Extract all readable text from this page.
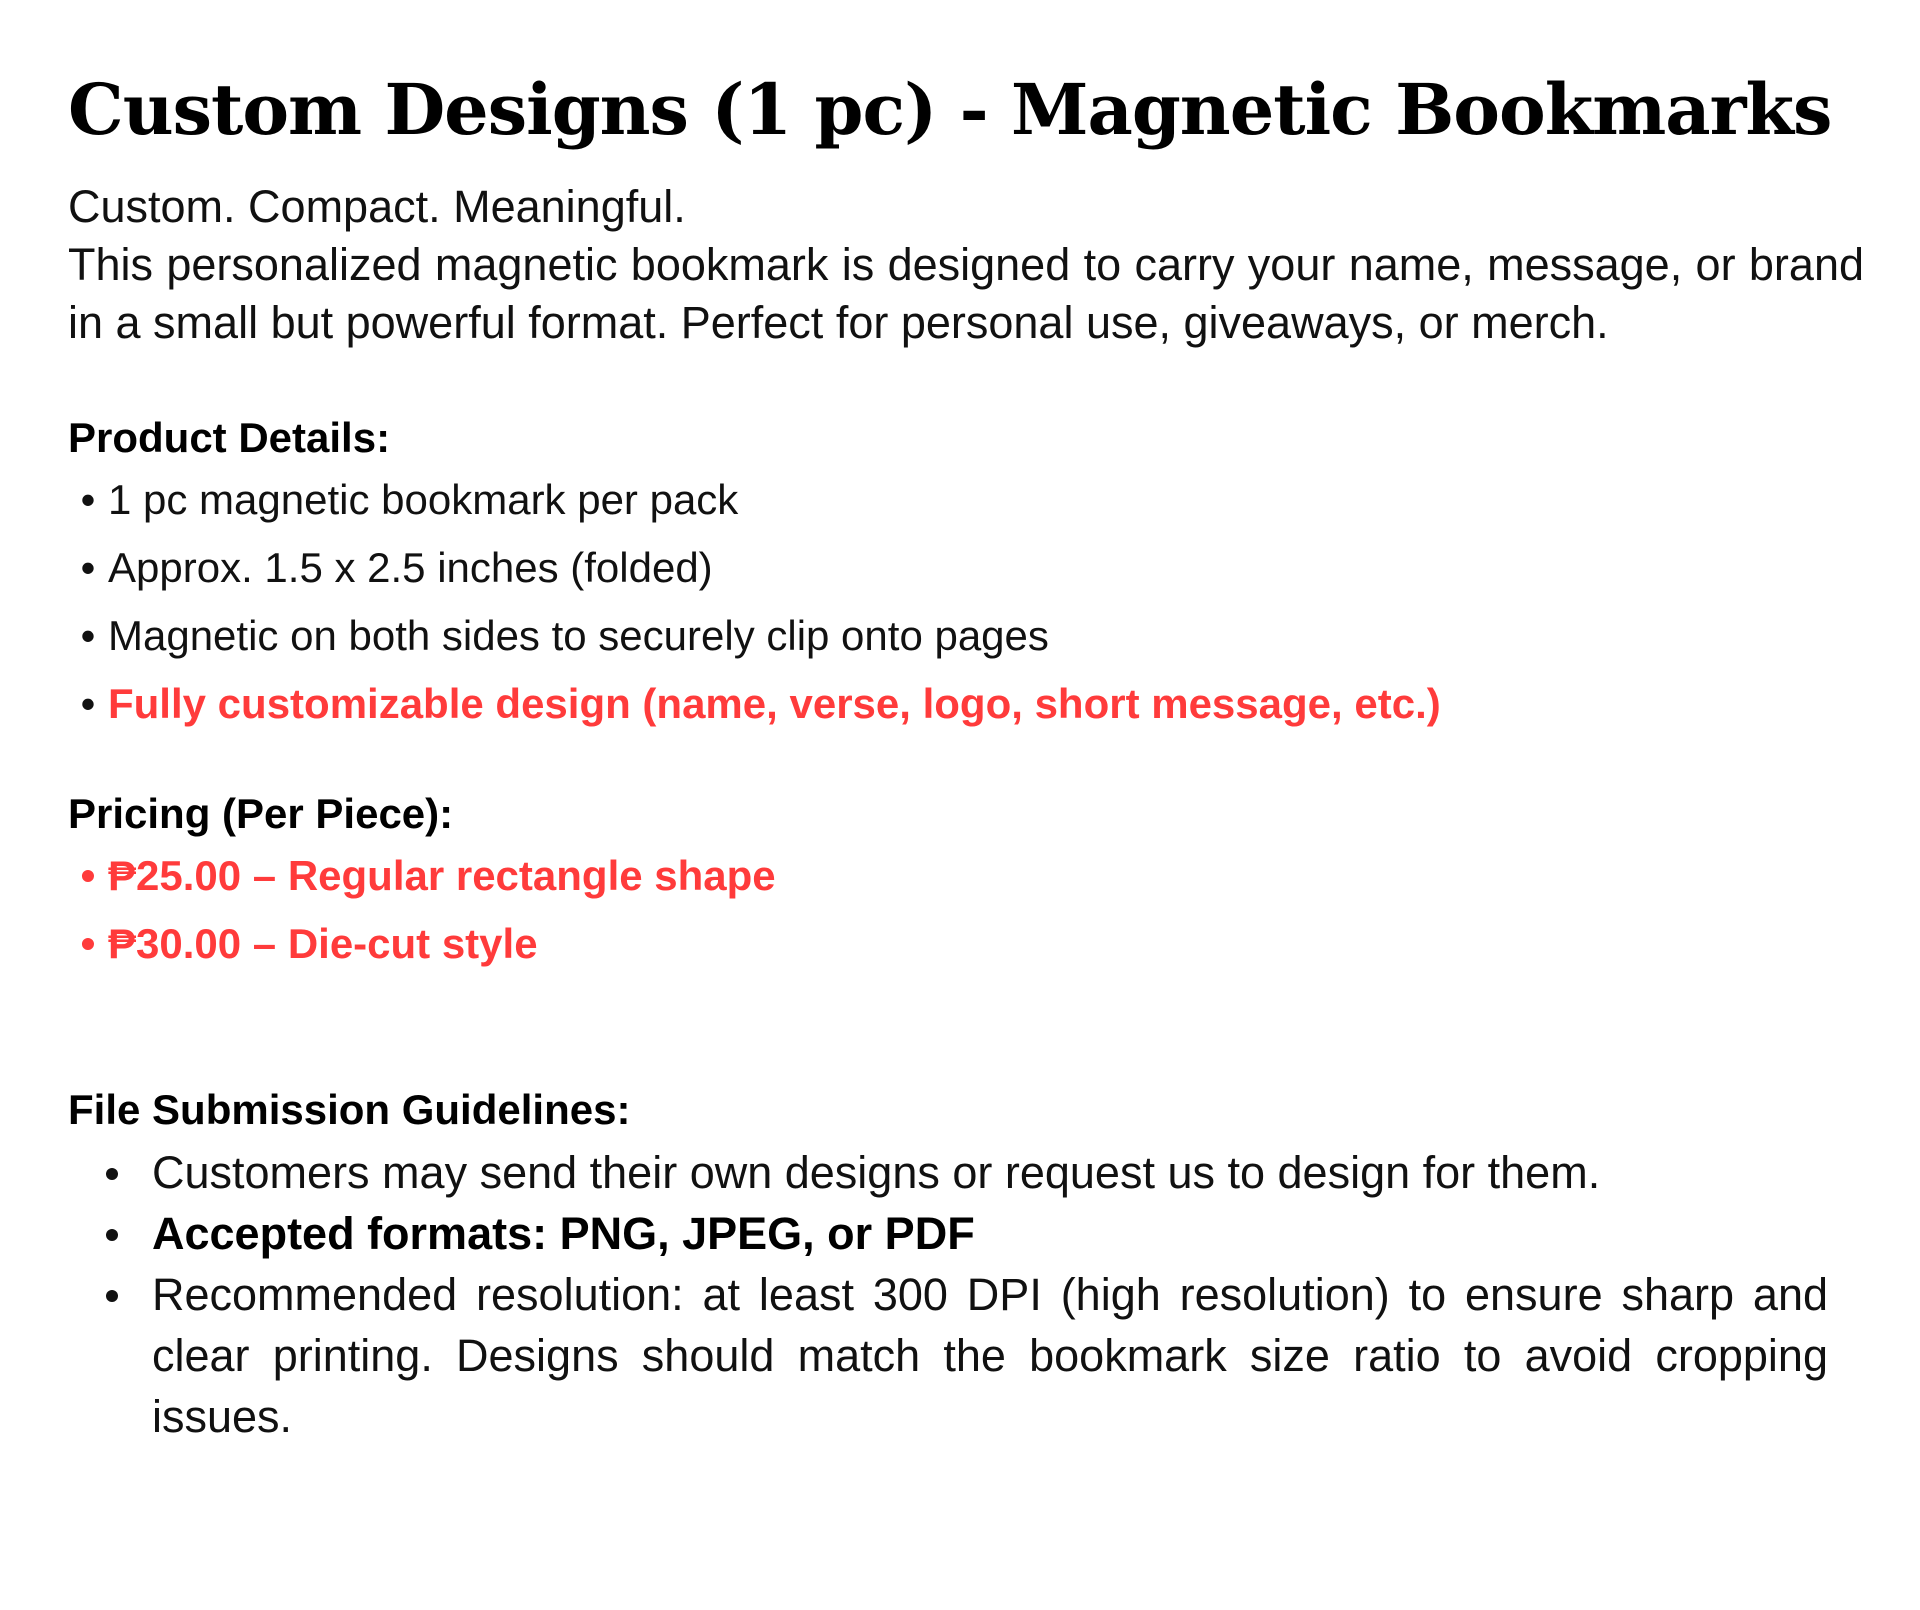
Custom Designs (1 pc) - Magnetic Bookmarks

Custom. Compact. Meaningful.

This personalized magnetic bookmark is designed to carry your name, message, or brand in a small but powerful format. Perfect for personal use, giveaways, or merch.

Product Details:

• 1 pc magnetic bookmark per pack
• Approx. 1.5 x 2.5 inches (folded)
• Magnetic on both sides to securely clip onto pages
• Fully customizable design (name, verse, logo, short message, etc.)

Pricing (Per Piece):

• ₱25.00 – Regular rectangle shape
• ₱30.00 – Die-cut style

File Submission Guidelines:

Customers may send their own designs or request us to design for them.
Accepted formats: PNG, JPEG, or PDF
Recommended resolution: at least 300 DPI (high resolution) to ensure sharp and clear printing. Designs should match the bookmark size ratio to avoid cropping issues.
